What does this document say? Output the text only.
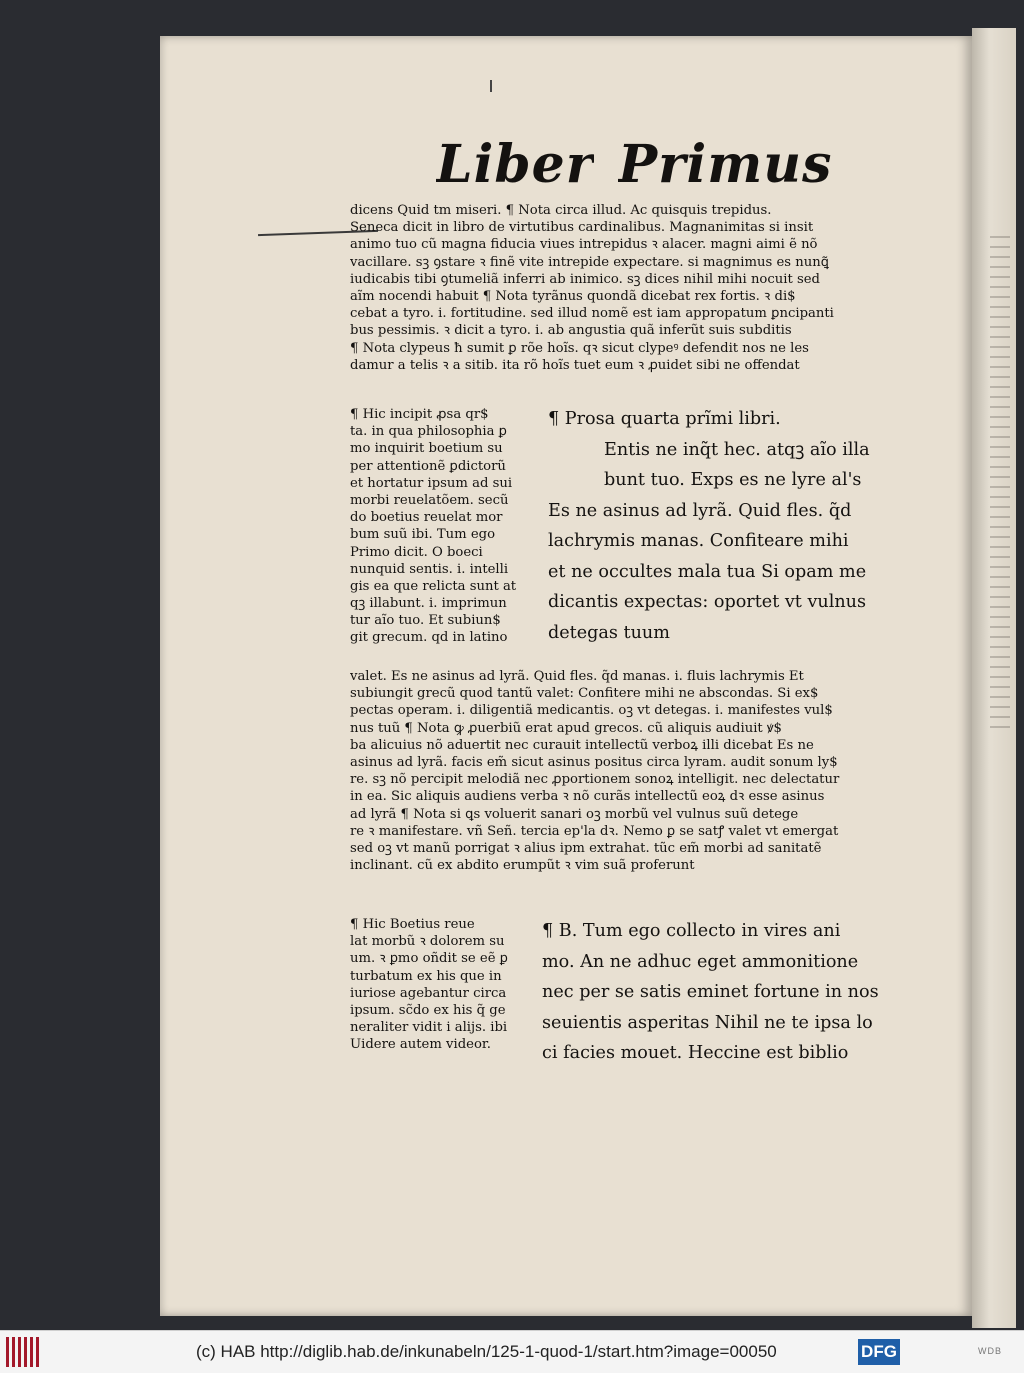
Liber Primus
dicens Quid tm miseri. ¶ Nota circa illud. Ac quisquis trepidus.
Seneca dicit in libro de virtutibus cardinalibus. Magnanimitas si insit
animo tuo cũ magna fiducia viues intrepidus ꝛ alacer. magni aimi ẽ nõ
vacillare. sꝫ ꝯstare ꝛ finẽ vite intrepide expectare. si magnimus es nunꝗ̃
iudicabis tibi ꝯtumeliã inferri ab inimico. sꝫ dices nihil mihi nocuit sed
aĩm nocendi habuit ¶ Nota tyrãnus quondã dicebat rex fortis. ꝛ di$
cebat a tyro. i. fortitudine. sed illud nomẽ est iam appropatum ꝑncipanti
bus pessimis. ꝛ dicit a tyro. i. ab angustia quã inferũt suis subditis
¶ Nota clypeus ħ sumit ꝑ rõe hoĩs. qꝛ sicut clypeꝰ defendit nos ne les
damur a telis ꝛ a sitib. ita rõ hoĩs tuet eum ꝛ ꝓuidet sibi ne offendat
¶ Hic incipit ꝓsa qr$
ta. in qua philosophia ꝑ
mo inquirit boetium su
per attentionẽ ꝑdictorũ
et hortatur ipsum ad sui
morbi reuelatõem. secũ
do boetius reuelat mor
bum suũ ibi. Tum ego
Primo dicit. O boeci
nunquid sentis. i. intelli
gis ea que relicta sunt at
qꝫ illabunt. i. imprimun
tur aĩo tuo. Et subiun$
git grecum. qd in latino
¶ Prosa quarta prĩmi libri.
Entis ne inq̃t hec. atqꝫ aĩo illa
bunt tuo. Exps es ne lyre al's
Es ne asinus ad lyrã. Quid fles. q̃d
lachrymis manas. Confiteare mihi
et ne occultes mala tua Si opam me
dicantis expectas: oportet vt vulnus
detegas tuum
valet. Es ne asinus ad lyrã. Quid fles. q̃d manas. i. fluis lachrymis Et
subiungit grecũ quod tantũ valet: Confitere mihi ne abscondas. Si ex$
pectas operam. i. diligentiã medicantis. oꝫ vt detegas. i. manifestes vul$
nus tuũ ¶ Nota ꝙ ꝓuerbiũ erat apud grecos. cũ aliquis audiuit ꝟ$
ba alicuius nõ aduertit nec curauit intellectũ verboꝝ illi dicebat Es ne
asinus ad lyrã. facis em̃ sicut asinus positus circa lyram. audit sonum ly$
re. sꝫ nõ percipit melodiã nec ꝓportionem sonoꝝ intelligit. nec delectatur
in ea. Sic aliquis audiens verba ꝛ nõ curãs intellectũ eoꝝ dꝛ esse asinus
ad lyrã ¶ Nota si ꝗs voluerit sanari oꝫ morbũ vel vulnus suũ detege
re ꝛ manifestare. vñ Señ. tercia ep'la dꝛ. Nemo ꝑ se satꝭ valet vt emergat
sed oꝫ vt manũ porrigat ꝛ alius ipm extrahat. tũc em̃ morbi ad sanitatẽ
inclinant. cũ ex abdito erumpũt ꝛ vim suã proferunt
¶ Hic Boetius reue
lat morbũ ꝛ dolorem su
um. ꝛ ꝑmo oñdit se eẽ ꝑ
turbatum ex his que in
iuriose agebantur circa
ipsum. sc̃do ex his q̃ ge
neraliter vidit i alijs. ibi
Uidere autem videor.
¶ B. Tum ego collecto in vires ani
mo. An ne adhuc eget ammonitione
nec per se satis eminet fortune in nos
seuientis asperitas Nihil ne te ipsa lo
ci facies mouet. Heccine est biblio
(c) HAB http://diglib.hab.de/inkunabeln/125-1-quod-1/start.htm?image=00050	DFG	WDB
